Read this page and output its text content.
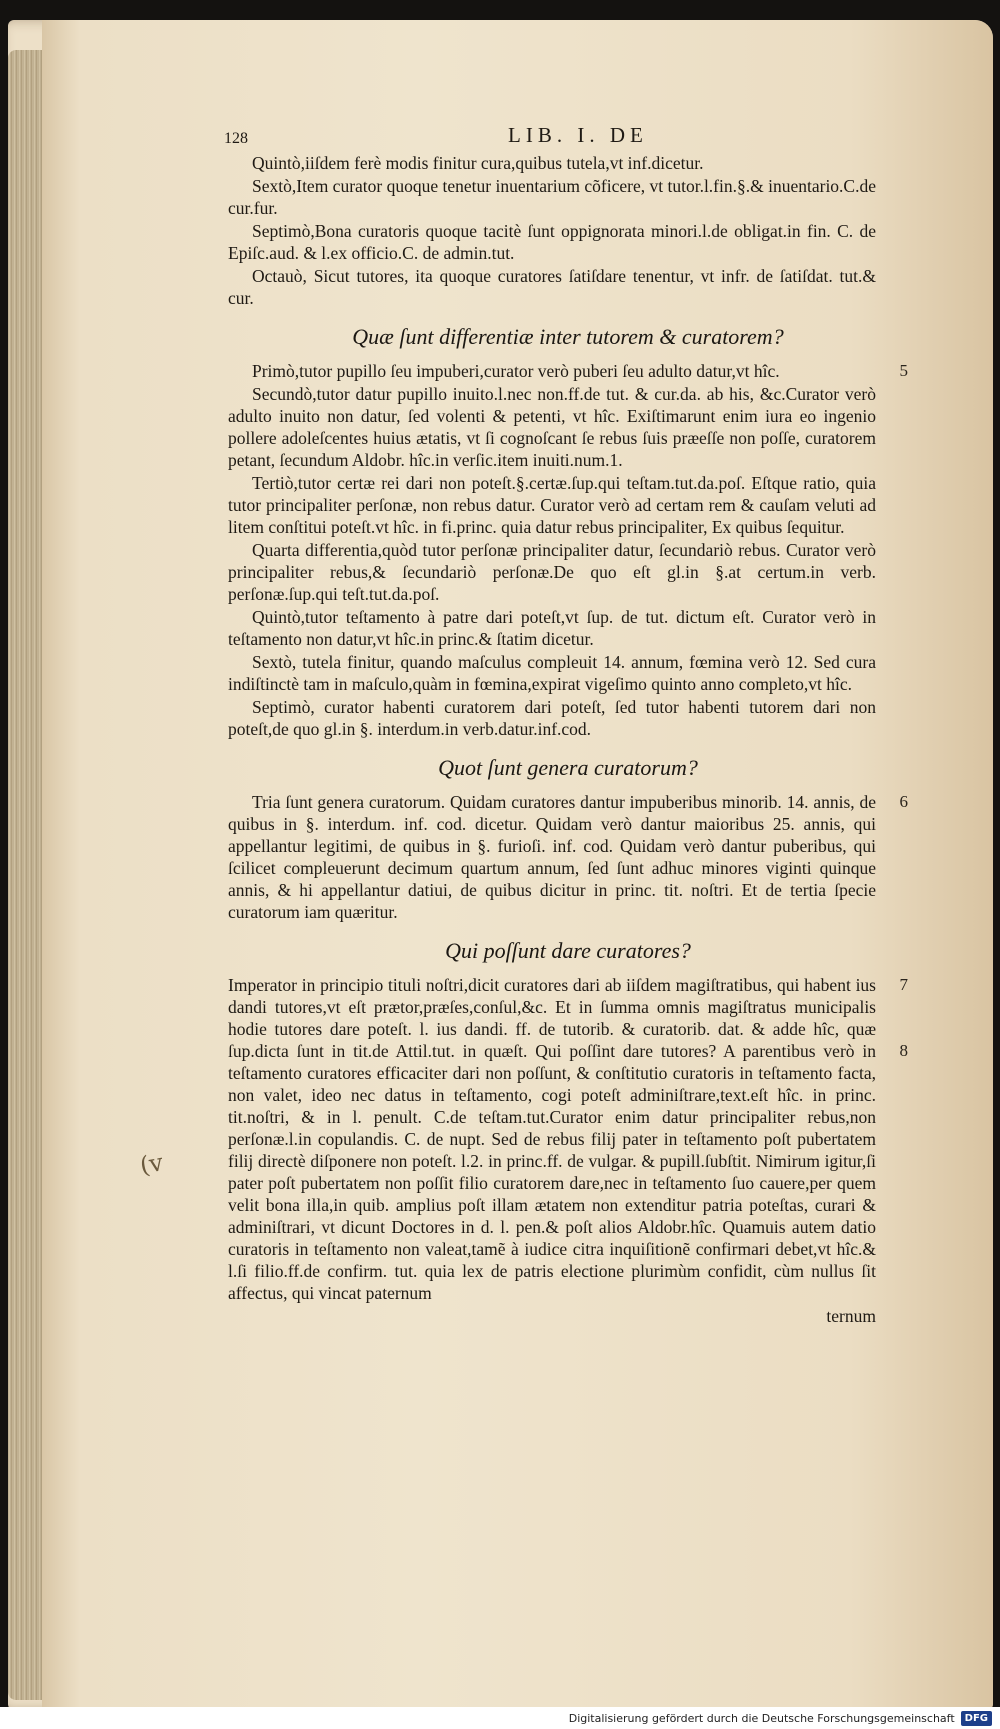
128	LIB. I. DE

Quintò,iiſdem ferè modis finitur cura,quibus tutela,vt inf.dicetur.

Sextò,Item curator quoque tenetur inuentarium cõficere, vt tutor.l.fin.§.& inuentario.C.de cur.fur.

Septimò,Bona curatoris quoque tacitè ſunt oppignorata minori.l.de obligat.in fin. C. de Epiſc.aud. & l.ex officio.C. de admin.tut.

Octauò, Sicut tutores, ita quoque curatores ſatiſdare tenentur, vt infr. de ſatiſdat. tut.& cur.

Quæ ſunt differentiæ inter tutorem & curatorem?

Primò,tutor pupillo ſeu impuberi,curator verò puberi ſeu adulto datur,vt hîc.	5

Secundò,tutor datur pupillo inuito.l.nec non.ff.de tut. & cur.da. ab his, &c.Curator verò adulto inuito non datur, ſed volenti & petenti, vt hîc. Exiſtimarunt enim iura eo ingenio pollere adoleſcentes huius ætatis, vt ſi cognoſcant ſe rebus ſuis præeſſe non poſſe, curatorem petant, ſecundum Aldobr. hîc.in verſic.item inuiti.num.1.

Tertiò,tutor certæ rei dari non poteſt.§.certæ.ſup.qui teſtam.tut.da.poſ. Eſtque ratio, quia tutor principaliter perſonæ, non rebus datur. Curator verò ad certam rem & cauſam veluti ad litem conſtitui poteſt.vt hîc. in fi.princ. quia datur rebus principaliter, Ex quibus ſequitur.

Quarta differentia,quòd tutor perſonæ principaliter datur, ſecundariò rebus. Curator verò principaliter rebus,& ſecundariò perſonæ.De quo eſt gl.in §.at certum.in verb. perſonæ.ſup.qui teſt.tut.da.poſ.

Quintò,tutor teſtamento à patre dari poteſt,vt ſup. de tut. dictum eſt. Curator verò in teſtamento non datur,vt hîc.in princ.& ſtatim dicetur.

Sextò, tutela finitur, quando maſculus compleuit 14. annum, fœmina verò 12. Sed cura indiſtinctè tam in maſculo,quàm in fœmina,expirat vigeſimo quinto anno completo,vt hîc.

Septimò, curator habenti curatorem dari poteſt, ſed tutor habenti tutorem dari non poteſt,de quo gl.in §. interdum.in verb.datur.inf.cod.

Quot ſunt genera curatorum?

Tria ſunt genera curatorum. Quidam curatores dantur impuberibus minorib. 14. annis, de quibus in §. interdum. inf. cod. dicetur. Quidam verò dantur maioribus 25. annis, qui appellantur legitimi, de quibus in §. furioſi. inf. cod. Quidam verò dantur puberibus, qui ſcilicet compleuerunt decimum quartum annum, ſed ſunt adhuc minores viginti quinque annis, & hi appellantur datiui, de quibus dicitur in princ. tit. noſtri. Et de tertia ſpecie curatorum iam quæritur.

6
Qui poſſunt dare curatores?

Imperator in principio tituli noſtri,dicit curatores dari ab iiſdem magiſtratibus, qui habent ius dandi tutores,vt eſt prætor,præſes,conſul,&c. Et in ſumma omnis magiſtratus municipalis hodie tutores dare poteſt. l. ius dandi. ff. de tutorib. & curatorib. dat. & adde hîc, quæ ſup.dicta ſunt in tit.de Attil.tut. in quæſt. Qui poſſint dare tutores? A parentibus verò in teſtamento curatores efficaciter dari non poſſunt, & conſtitutio curatoris in teſtamento facta, non valet, ideo nec datus in teſtamento, cogi poteſt adminiſtrare,text.eſt hîc. in princ. tit.noſtri, & in l. penult. C.de teſtam.tut.Curator enim datur principaliter rebus,non perſonæ.l.in copulandis. C. de nupt. Sed de rebus filij pater in teſtamento poſt pubertatem filij directè diſponere non poteſt. l.2. in princ.ff. de vulgar. & pupill.ſubſtit. Nimirum igitur,ſi pater poſt pubertatem non poſſit filio curatorem dare,nec in teſtamento ſuo cauere,per quem velit bona illa,in quib. amplius poſt illam ætatem non extenditur patria poteſtas, curari & adminiſtrari, vt dicunt Doctores in d. l. pen.& poſt alios Aldobr.hîc. Quamuis autem datio curatoris in teſtamento non valeat,tamẽ à iudice citra inquiſitionẽ confirmari debet,vt hîc.& l.ſi filio.ff.de confirm. tut. quia lex de patris electione plurimùm confidit, cùm nullus ſit affectus, qui vincat paternum

7
8
ternum
(v
Digitalisierung gefördert durch die Deutsche Forschungsgemeinschaft	DFG
